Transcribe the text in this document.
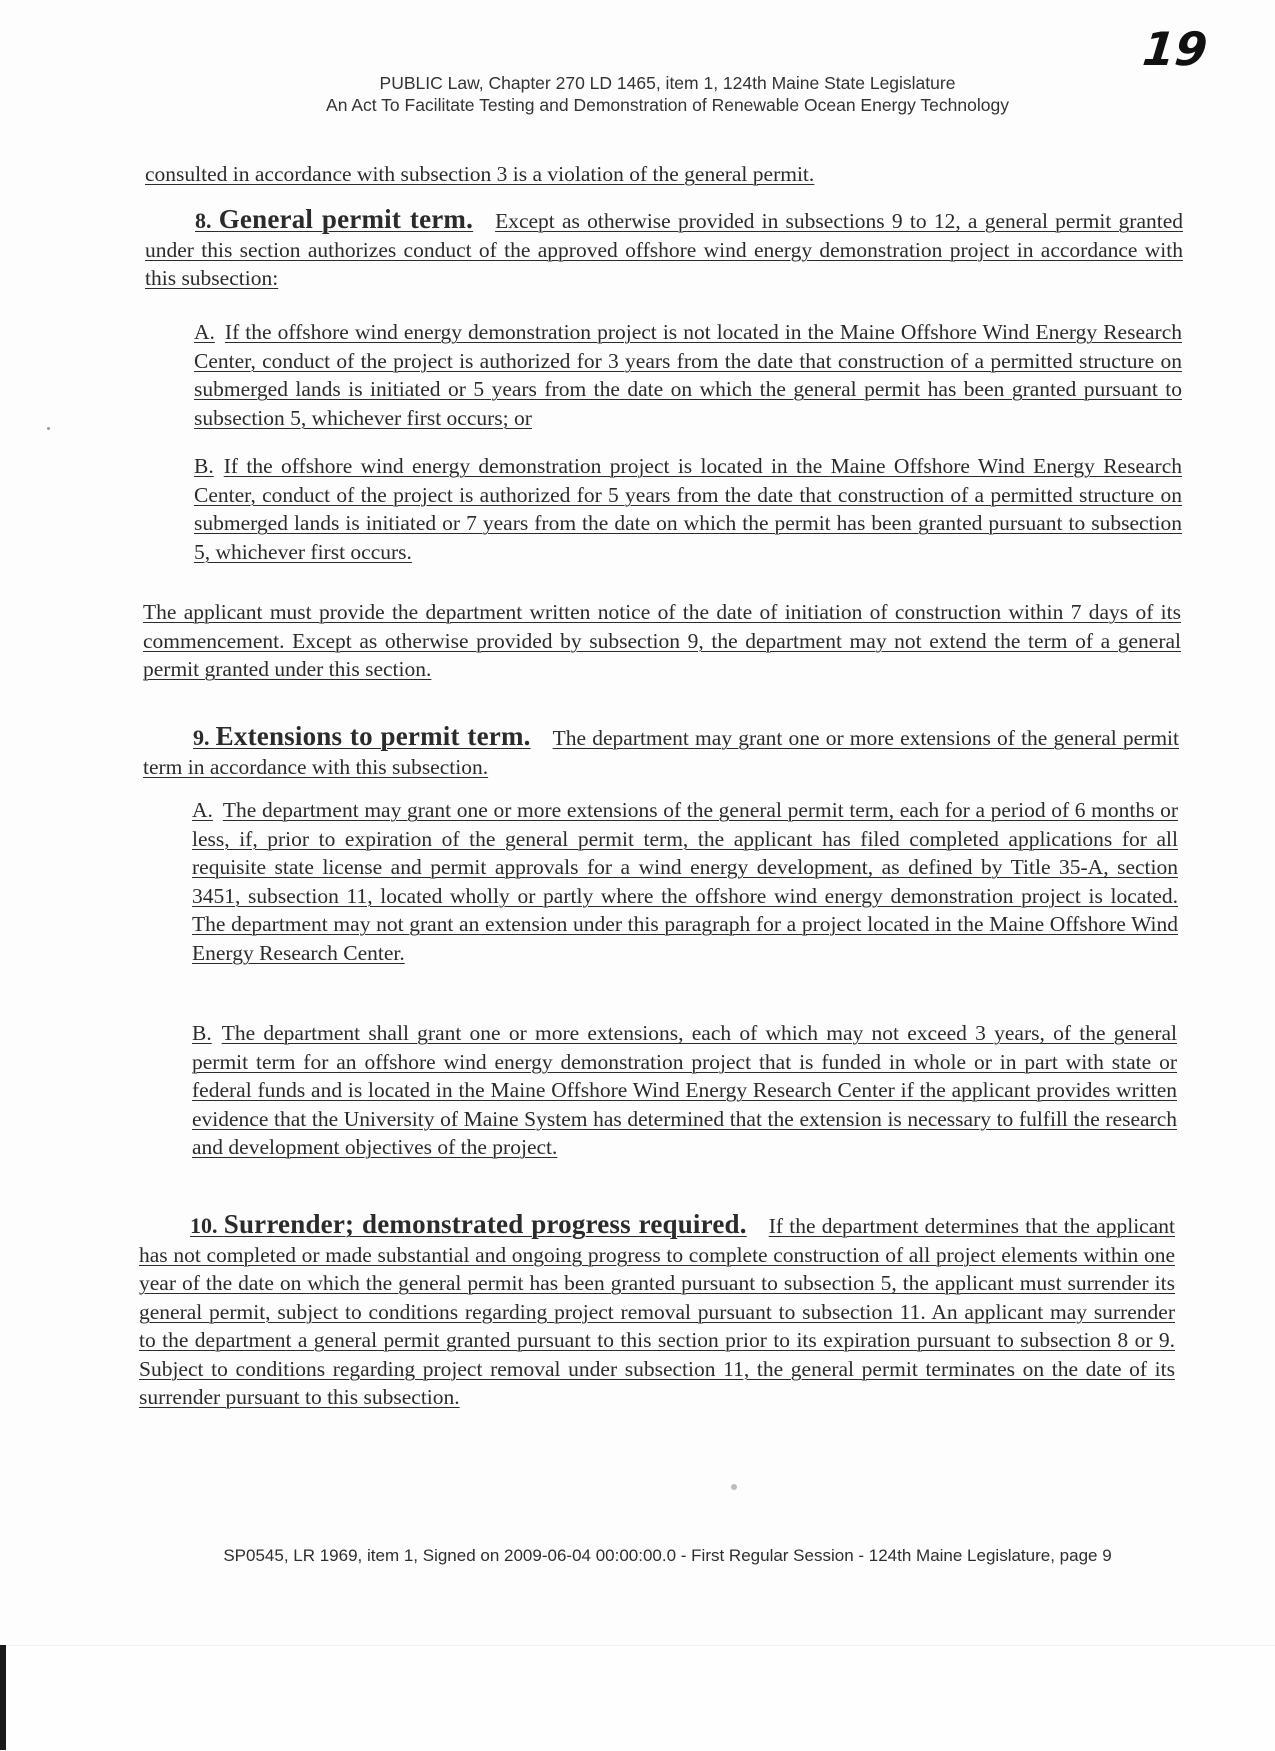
19
PUBLIC Law, Chapter 270 LD 1465, item 1, 124th Maine State Legislature
An Act To Facilitate Testing and Demonstration of Renewable Ocean Energy Technology
consulted in accordance with subsection 3 is a violation of the general permit.
8. General permit term. Except as otherwise provided in subsections 9 to 12, a general permit granted under this section authorizes conduct of the approved offshore wind energy demonstration project in accordance with this subsection:
A. If the offshore wind energy demonstration project is not located in the Maine Offshore Wind Energy Research Center, conduct of the project is authorized for 3 years from the date that construction of a permitted structure on submerged lands is initiated or 5 years from the date on which the general permit has been granted pursuant to subsection 5, whichever first occurs; or
B. If the offshore wind energy demonstration project is located in the Maine Offshore Wind Energy Research Center, conduct of the project is authorized for 5 years from the date that construction of a permitted structure on submerged lands is initiated or 7 years from the date on which the permit has been granted pursuant to subsection 5, whichever first occurs.
The applicant must provide the department written notice of the date of initiation of construction within 7 days of its commencement. Except as otherwise provided by subsection 9, the department may not extend the term of a general permit granted under this section.
9. Extensions to permit term. The department may grant one or more extensions of the general permit term in accordance with this subsection.
A. The department may grant one or more extensions of the general permit term, each for a period of 6 months or less, if, prior to expiration of the general permit term, the applicant has filed completed applications for all requisite state license and permit approvals for a wind energy development, as defined by Title 35-A, section 3451, subsection 11, located wholly or partly where the offshore wind energy demonstration project is located. The department may not grant an extension under this paragraph for a project located in the Maine Offshore Wind Energy Research Center.
B. The department shall grant one or more extensions, each of which may not exceed 3 years, of the general permit term for an offshore wind energy demonstration project that is funded in whole or in part with state or federal funds and is located in the Maine Offshore Wind Energy Research Center if the applicant provides written evidence that the University of Maine System has determined that the extension is necessary to fulfill the research and development objectives of the project.
10. Surrender; demonstrated progress required. If the department determines that the applicant has not completed or made substantial and ongoing progress to complete construction of all project elements within one year of the date on which the general permit has been granted pursuant to subsection 5, the applicant must surrender its general permit, subject to conditions regarding project removal pursuant to subsection 11. An applicant may surrender to the department a general permit granted pursuant to this section prior to its expiration pursuant to subsection 8 or 9. Subject to conditions regarding project removal under subsection 11, the general permit terminates on the date of its surrender pursuant to this subsection.
SP0545, LR 1969, item 1, Signed on 2009-06-04 00:00:00.0 - First Regular Session - 124th Maine Legislature, page 9
